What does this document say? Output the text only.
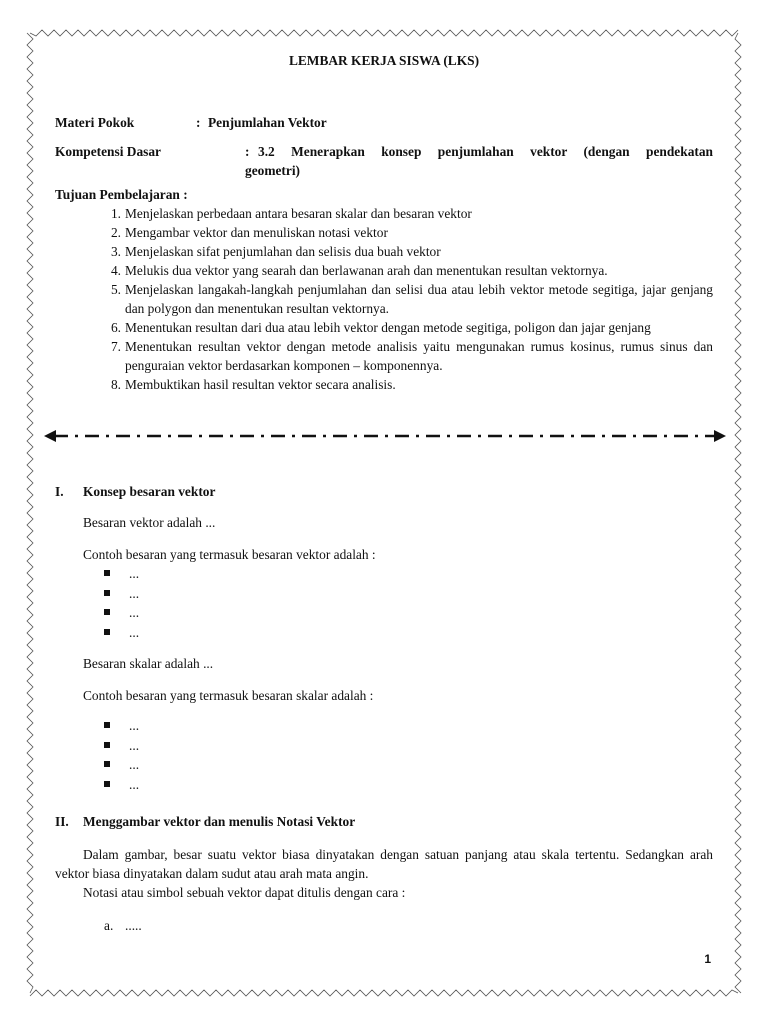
LEMBAR KERJA SISWA (LKS)
Materi Pokok	: Penjumlahan Vektor
Kompetensi Dasar	: 3.2 Menerapkan konsep penjumlahan vektor (dengan pendekatan
geometri)
Tujuan Pembelajaran :
1. Menjelaskan perbedaan antara besaran skalar dan besaran vektor
2. Mengambar vektor dan menuliskan notasi vektor
3. Menjelaskan sifat penjumlahan dan selisis dua buah vektor
4. Melukis dua vektor yang searah dan berlawanan arah dan menentukan resultan vektornya.
5. Menjelaskan langakah-langkah penjumlahan dan selisi dua atau lebih vektor metode segitiga, jajar genjang dan polygon dan menentukan resultan vektornya.
6. Menentukan resultan dari dua atau lebih vektor dengan metode segitiga, poligon dan jajar genjang
7. Menentukan resultan vektor dengan metode analisis yaitu mengunakan rumus kosinus, rumus sinus dan penguraian vektor berdasarkan komponen – komponennya.
8. Membuktikan hasil resultan vektor secara analisis.
I. Konsep besaran vektor
Besaran vektor adalah ...
Contoh besaran yang termasuk besaran vektor adalah :
...
...
...
...
Besaran skalar adalah ...
Contoh besaran yang termasuk besaran skalar adalah :
...
...
...
...
II. Menggambar vektor dan menulis Notasi Vektor
Dalam gambar, besar suatu vektor biasa dinyatakan dengan satuan panjang atau skala tertentu. Sedangkan arah vektor biasa dinyatakan dalam sudut atau arah mata angin.
Notasi atau simbol sebuah vektor dapat ditulis dengan cara :
a. .....
1
